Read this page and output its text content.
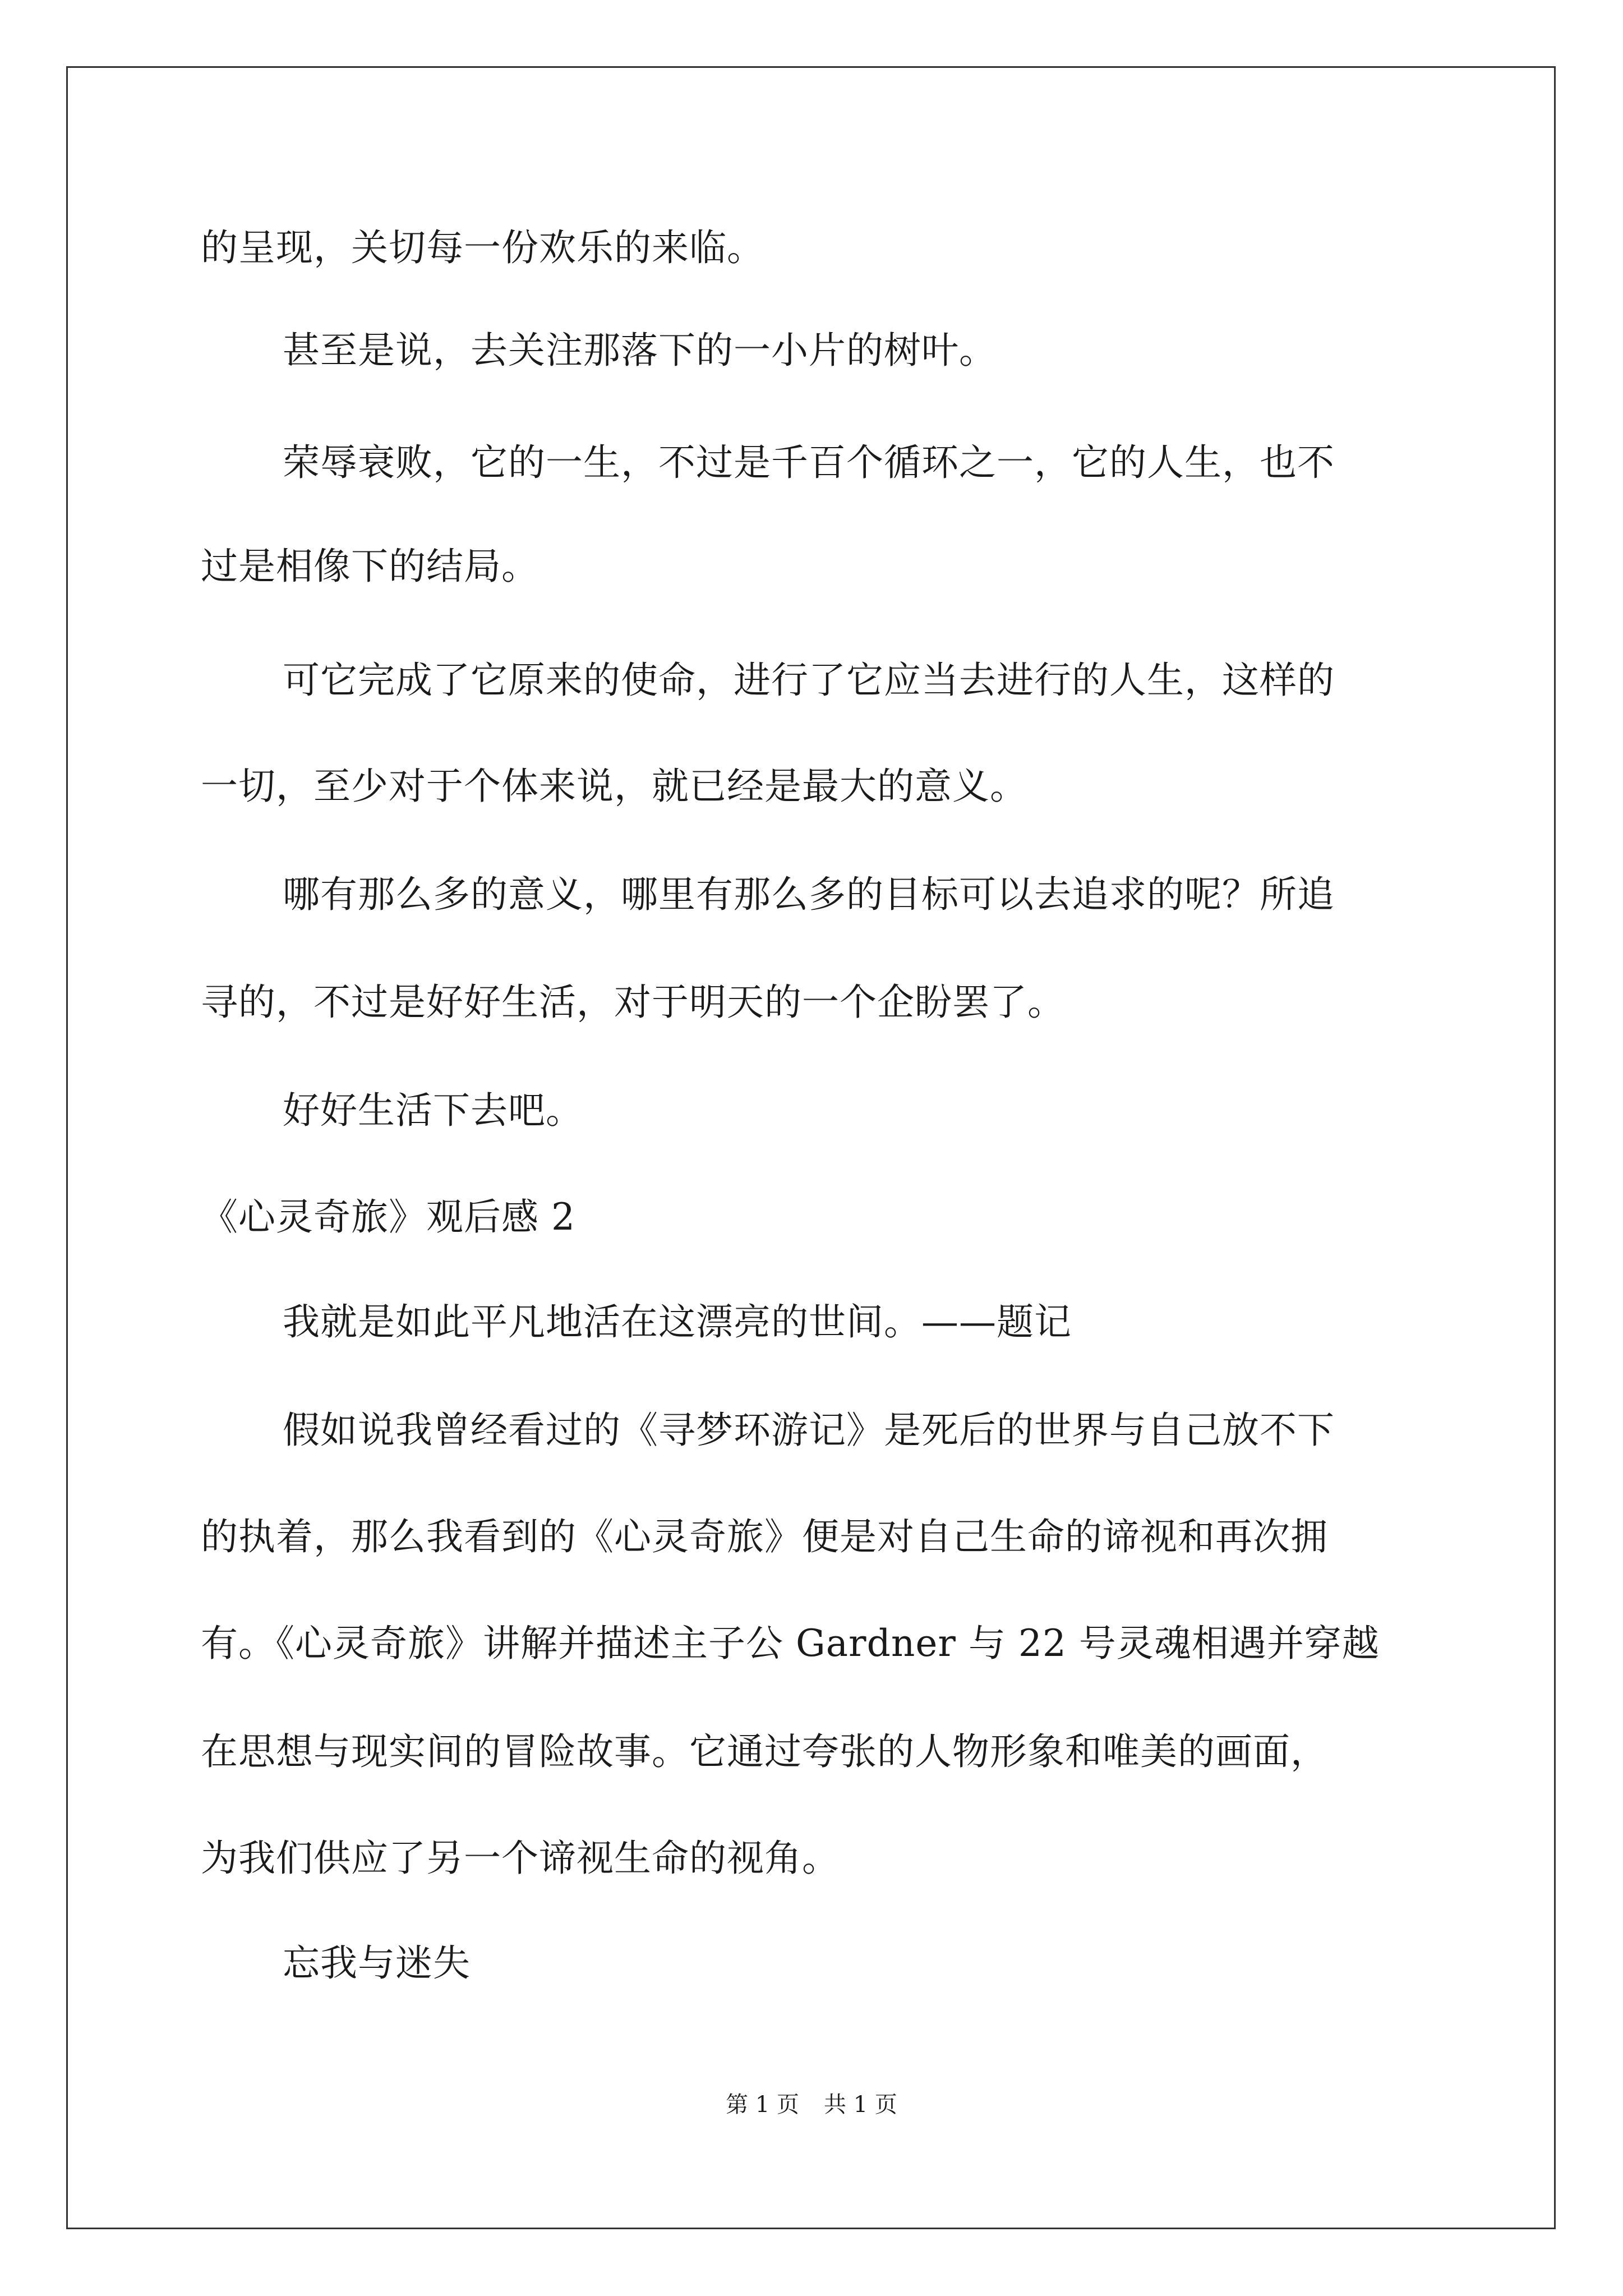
的呈现，关切每一份欢乐的来临。
甚至是说，去关注那落下的一小片的树叶。
荣辱衰败，它的一生，不过是千百个循环之一，它的人生，也不
过是相像下的结局。
可它完成了它原来的使命，进行了它应当去进行的人生，这样的
一切，至少对于个体来说，就已经是最大的意义。
哪有那么多的意义，哪里有那么多的目标可以去追求的呢？所追
寻的，不过是好好生活，对于明天的一个企盼罢了。
好好生活下去吧。
《心灵奇旅》观后感 2
我就是如此平凡地活在这漂亮的世间。——题记
假如说我曾经看过的《寻梦环游记》是死后的世界与自己放不下
的执着，那么我看到的《心灵奇旅》便是对自己生命的谛视和再次拥
有。《心灵奇旅》讲解并描述主子公 Gardner 与 22 号灵魂相遇并穿越
在思想与现实间的冒险故事。它通过夸张的人物形象和唯美的画面，
为我们供应了另一个谛视生命的视角。
忘我与迷失
第 1 页 共 1 页
